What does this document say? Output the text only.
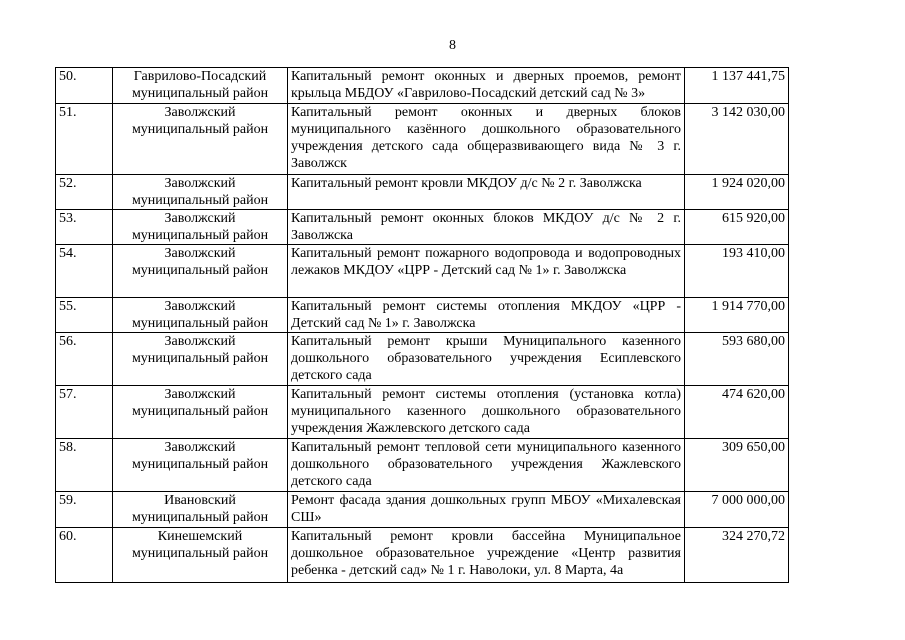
8
50.	Гаврилово-Посадский муниципальный район	Капитальный ремонт оконных и дверных проемов, ремонт крыльца МБДОУ «Гаврилово-Посадский детский сад № 3»	1 137 441,75
51.	Заволжский муниципальный район	Капитальный ремонт оконных и дверных блоков муниципального казённого дошкольного образовательного учреждения детского сада общеразвивающего вида № 3 г. Заволжск	3 142 030,00
52.	Заволжский муниципальный район	Капитальный ремонт кровли МКДОУ д/с № 2 г. Заволжска	1 924 020,00
53.	Заволжский муниципальный район	Капитальный ремонт оконных блоков МКДОУ д/с № 2 г. Заволжска	615 920,00
54.	Заволжский муниципальный район	Капитальный ремонт пожарного водопровода и водопроводных лежаков МКДОУ «ЦРР - Детский сад № 1» г. Заволжска	193 410,00
55.	Заволжский муниципальный район	Капитальный ремонт системы отопления МКДОУ «ЦРР - Детский сад № 1» г. Заволжска	1 914 770,00
56.	Заволжский муниципальный район	Капитальный ремонт крыши Муниципального казенного дошкольного образовательного учреждения Есиплевского детского сада	593 680,00
57.	Заволжский муниципальный район	Капитальный ремонт системы отопления (установка котла) муниципального казенного дошкольного образовательного учреждения Жажлевского детского сада	474 620,00
58.	Заволжский муниципальный район	Капитальный ремонт тепловой сети муниципального казенного дошкольного образовательного учреждения Жажлевского детского сада	309 650,00
59.	Ивановский муниципальный район	Ремонт фасада здания дошкольных групп МБОУ «Михалевская СШ»	7 000 000,00
60.	Кинешемский муниципальный район	Капитальный ремонт кровли бассейна Муниципальное дошкольное образовательное учреждение «Центр развития ребенка - детский сад» № 1 г. Наволоки, ул. 8 Марта, 4а	324 270,72
